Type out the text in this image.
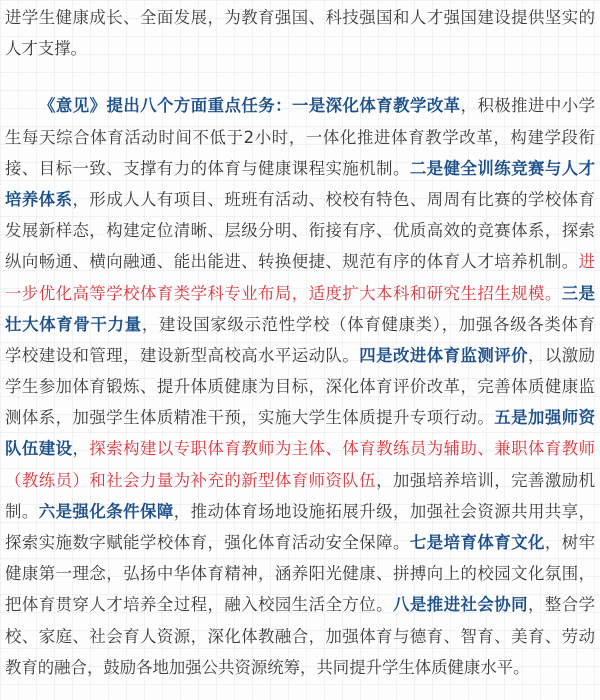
进学生健康成长、全面发展，为教育强国、科技强国和人才强国建设提供坚实的
人才支撑。
《意见》提出八个方面重点任务：一是深化体育教学改革，积极推进中小学
生每天综合体育活动时间不低于2小时，一体化推进体育教学改革，构建学段衔
接、目标一致、支撑有力的体育与健康课程实施机制。二是健全训练竞赛与人才
培养体系，形成人人有项目、班班有活动、校校有特色、周周有比赛的学校体育
发展新样态，构建定位清晰、层级分明、衔接有序、优质高效的竞赛体系，探索
纵向畅通、横向融通、能出能进、转换便捷、规范有序的体育人才培养机制。进
一步优化高等学校体育类学科专业布局，适度扩大本科和研究生招生规模。三是
壮大体育骨干力量，建设国家级示范性学校（体育健康类），加强各级各类体育
学校建设和管理，建设新型高校高水平运动队。四是改进体育监测评价，以激励
学生参加体育锻炼、提升体质健康为目标，深化体育评价改革，完善体质健康监
测体系，加强学生体质精准干预，实施大学生体质提升专项行动。五是加强师资
队伍建设，探索构建以专职体育教师为主体、体育教练员为辅助、兼职体育教师
（教练员）和社会力量为补充的新型体育师资队伍，加强培养培训，完善激励机
制。六是强化条件保障，推动体育场地设施拓展升级，加强社会资源共用共享，
探索实施数字赋能学校体育，强化体育活动安全保障。七是培育体育文化，树牢
健康第一理念，弘扬中华体育精神，涵养阳光健康、拼搏向上的校园文化氛围，
把体育贯穿人才培养全过程，融入校园生活全方位。八是推进社会协同，整合学
校、家庭、社会育人资源，深化体教融合，加强体育与德育、智育、美育、劳动
教育的融合，鼓励各地加强公共资源统筹，共同提升学生体质健康水平。
